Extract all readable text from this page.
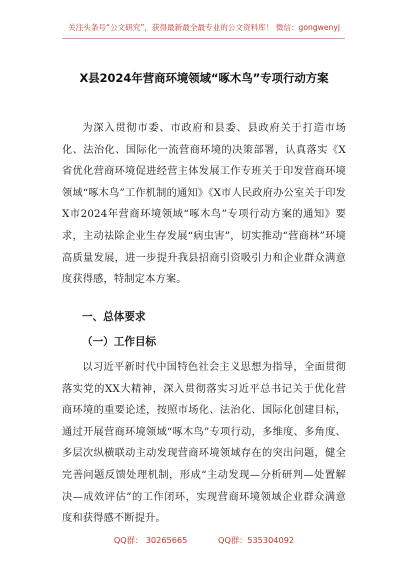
关注头条号“公文研究”，获得最新最全最专业的公文资料库！ 微信：gongwenyj
X县2024年营商环境领域“啄木鸟”专项行动方案
为深入贯彻市委、市政府和县委、县政府关于打造市场化、法治化、国际化一流营商环境的决策部署，认真落实《X省优化营商环境促进经营主体发展工作专班关于印发营商环境领域“啄木鸟”工作机制的通知》《X市人民政府办公室关于印发X市2024年营商环境领域“啄木鸟”专项行动方案的通知》要求，主动祛除企业生存发展“病虫害”，切实推动“营商林”环境高质量发展，进一步提升我县招商引资吸引力和企业群众满意度获得感，特制定本方案。
一、总体要求
（一）工作目标
以习近平新时代中国特色社会主义思想为指导，全面贯彻落实党的XX大精神，深入贯彻落实习近平总书记关于优化营商环境的重要论述，按照市场化、法治化、国际化创建目标，通过开展营商环境领域“啄木鸟”专项行动，多维度、多角度、多层次纵横联动主动发现营商环境领域存在的突出问题，健全完善问题反馈处理机制，形成“主动发现—分析研判—处置解决—成效评估”的工作闭环，实现营商环境领域企业群众满意度和获得感不断提升。
QQ群： 30265665	QQ群：535304092
